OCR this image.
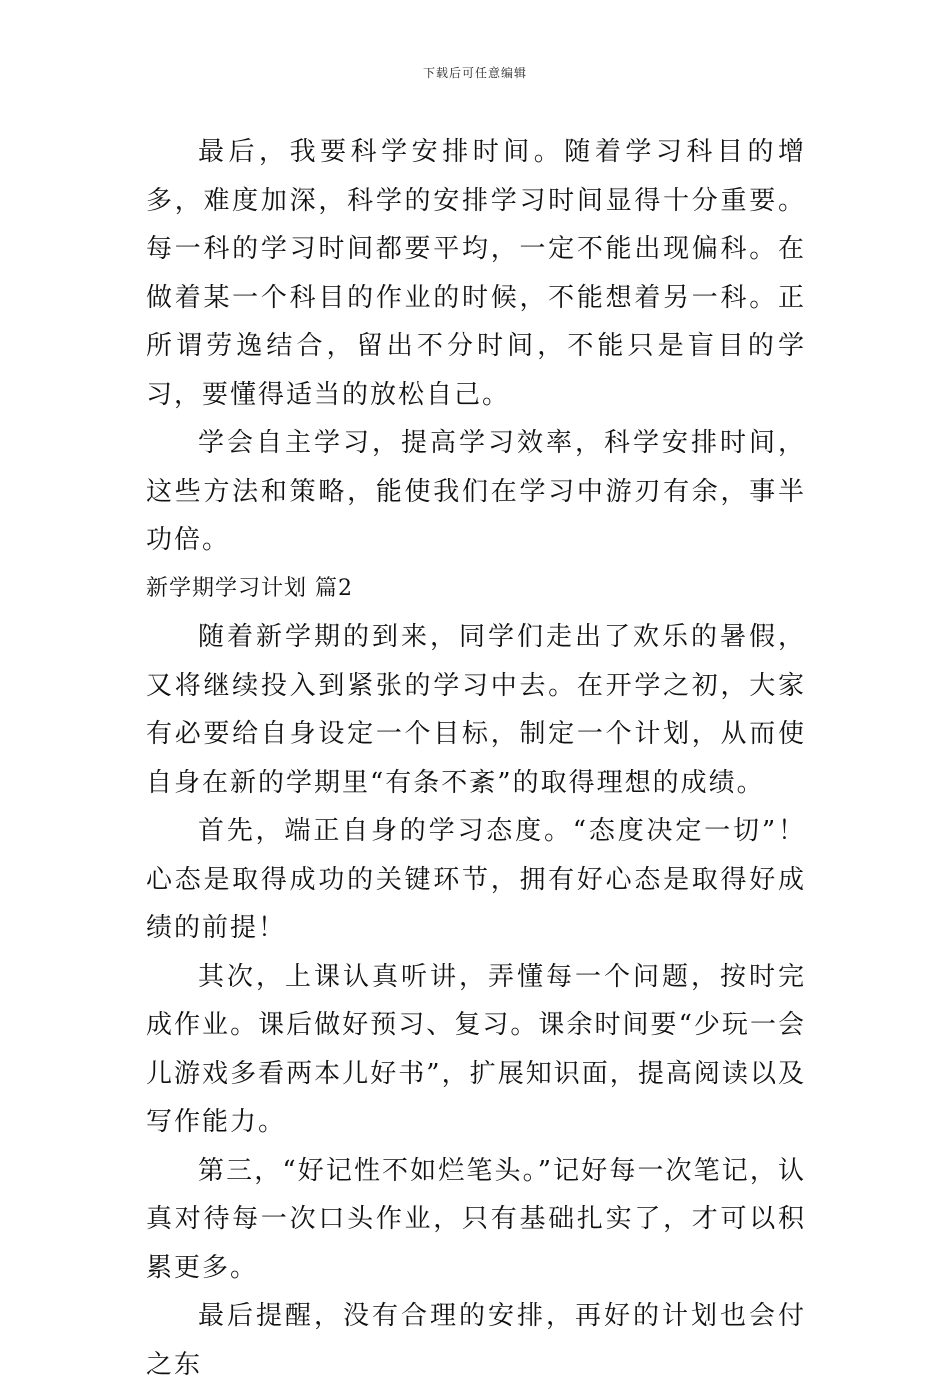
下载后可任意编辑

最后，我要科学安排时间。随着学习科目的增多，难度加深，科学的安排学习时间显得十分重要。每一科的学习时间都要平均，一定不能出现偏科。在做着某一个科目的作业的时候，不能想着另一科。正所谓劳逸结合，留出不分时间，不能只是盲目的学习，要懂得适当的放松自己。

学会自主学习，提高学习效率，科学安排时间，这些方法和策略，能使我们在学习中游刃有余，事半功倍。

新学期学习计划 篇2

随着新学期的到来，同学们走出了欢乐的暑假，又将继续投入到紧张的学习中去。在开学之初，大家有必要给自身设定一个目标，制定一个计划，从而使自身在新的学期里“有条不紊”的取得理想的成绩。

首先，端正自身的学习态度。“态度决定一切”！心态是取得成功的关键环节，拥有好心态是取得好成绩的前提！

其次，上课认真听讲，弄懂每一个问题，按时完成作业。课后做好预习、复习。课余时间要“少玩一会儿游戏多看两本儿好书”，扩展知识面，提高阅读以及写作能力。

第三，“好记性不如烂笔头。”记好每一次笔记，认真对待每一次口头作业，只有基础扎实了，才可以积累更多。

最后提醒，没有合理的安排，再好的计划也会付之东
